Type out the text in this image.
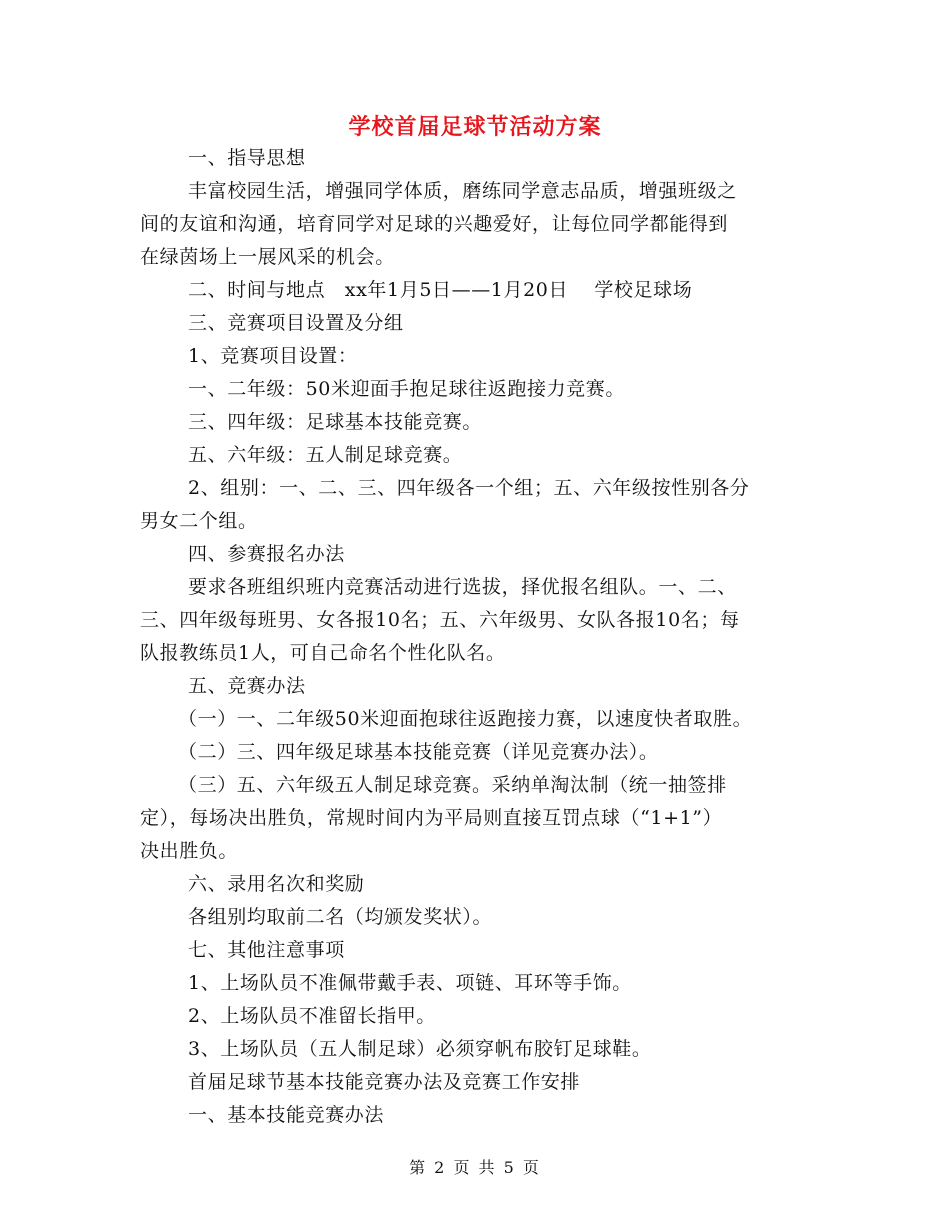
学校首届足球节活动方案
一、指导思想
丰富校园生活，增强同学体质，磨练同学意志品质，增强班级之
间的友谊和沟通，培育同学对足球的兴趣爱好，让每位同学都能得到
在绿茵场上一展风采的机会。
二、时间与地点　xx年1月5日——1月20日　 学校足球场
三、竞赛项目设置及分组
1、竞赛项目设置：
一、二年级：50米迎面手抱足球往返跑接力竞赛。
三、四年级：足球基本技能竞赛。
五、六年级：五人制足球竞赛。
2、组别：一、二、三、四年级各一个组；五、六年级按性别各分
男女二个组。
四、参赛报名办法
要求各班组织班内竞赛活动进行选拔，择优报名组队。一、二、
三、四年级每班男、女各报10名；五、六年级男、女队各报10名；每
队报教练员1人，可自己命名个性化队名。
五、竞赛办法
（一）一、二年级50米迎面抱球往返跑接力赛，以速度快者取胜。
（二）三、四年级足球基本技能竞赛（详见竞赛办法）。
（三）五、六年级五人制足球竞赛。采纳单淘汰制（统一抽签排
定），每场决出胜负，常规时间内为平局则直接互罚点球（“1+1”）
决出胜负。
六、录用名次和奖励
各组别均取前二名（均颁发奖状）。
七、其他注意事项
1、上场队员不准佩带戴手表、项链、耳环等手饰。
2、上场队员不准留长指甲。
3、上场队员（五人制足球）必须穿帆布胶钉足球鞋。
首届足球节基本技能竞赛办法及竞赛工作安排
一、基本技能竞赛办法
第 2 页 共 5 页
